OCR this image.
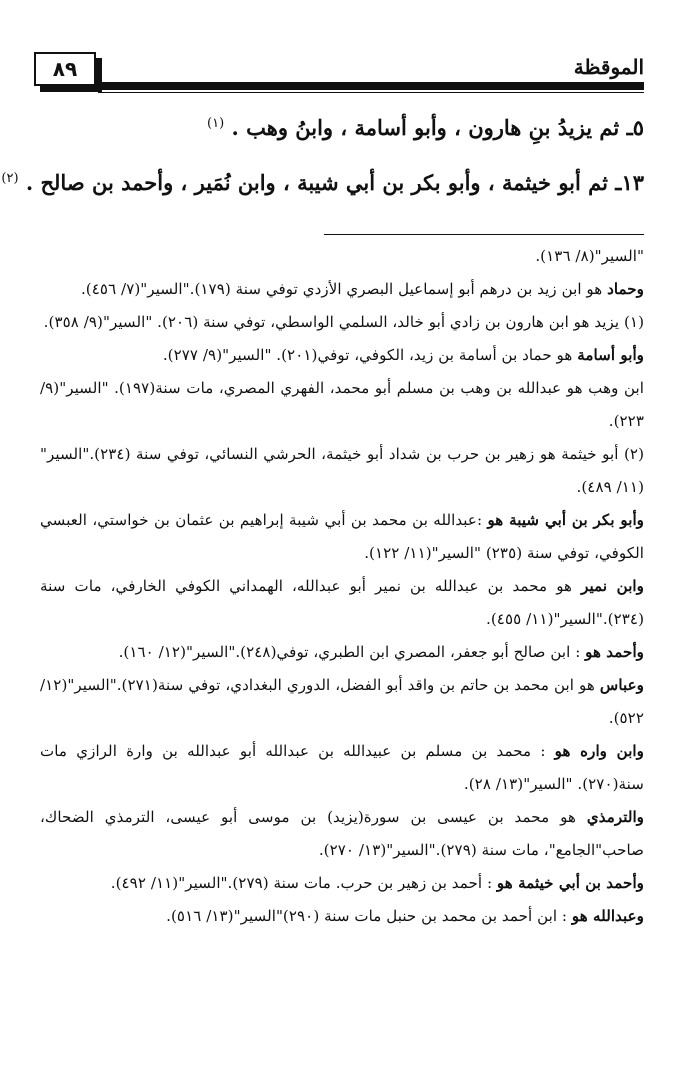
٨٩	الموقظة
٥ـ ثم يزيدُ بنِ هارون ، وأبو أسامة ، وابنُ وهب . $^{(١)}$
١٣ـ ثم أبو خيثمة ، وأبو بكر بن أبي شيبة ، وابن نُمَير ، وأحمد بن صالح . $^{(٢)}$

"السير"(٨/ ١٣٦).

وحماد هو ابن زيد بن درهم أبو إسماعيل البصري الأزدي توفي سنة (١٧٩)."السير"(٧/ ٤٥٦).

(١) يزيد هو ابن هارون بن زادي أبو خالد، السلمي الواسطي، توفي سنة (٢٠٦). "السير"(٩/ ٣٥٨).

وأبو أسامة هو حماد بن أسامة بن زيد، الكوفي، توفي(٢٠١). "السير"(٩/ ٢٧٧).

ابن وهب هو عبدالله بن وهب بن مسلم أبو محمد، الفهري المصري، مات سنة(١٩٧). "السير"(٩/ ٢٢٣).

(٢) أبو خيثمة هو زهير بن حرب بن شداد أبو خيثمة، الحرشي النسائي، توفي سنة (٢٣٤)."السير"(١١/ ٤٨٩).

وأبو بكر بن أبي شيبة هو :عبدالله بن محمد بن أبي شيبة إبراهيم بن عثمان بن خواستي، العبسي الكوفي، توفي سنة (٢٣٥) "السير"(١١/ ١٢٢).

وابن نمير هو محمد بن عبدالله بن نمير أبو عبدالله، الهمداني الكوفي الخارفي، مات سنة (٢٣٤)."السير"(١١/ ٤٥٥).

وأحمد هو : ابن صالح أبو جعفر، المصري ابن الطبري، توفي(٢٤٨)."السير"(١٢/ ١٦٠).

وعباس هو ابن محمد بن حاتم بن واقد أبو الفضل، الدوري البغدادي، توفي سنة(٢٧١)."السير"(١٢/ ٥٢٢).

وابن واره هو : محمد بن مسلم بن عبيدالله بن عبدالله أبو عبدالله بن وارة الرازي مات سنة(٢٧٠). "السير"(١٣/ ٢٨).

والترمذي هو محمد بن عيسى بن سورة(يزيد) بن موسى أبو عيسى، الترمذي الضحاك، صاحب"الجامع"، مات سنة (٢٧٩)."السير"(١٣/ ٢٧٠).

وأحمد بن أبي خيثمة هو : أحمد بن زهير بن حرب. مات سنة (٢٧٩)."السير"(١١/ ٤٩٢).

وعبدالله هو : ابن أحمد بن محمد بن حنبل مات سنة (٢٩٠)"السير"(١٣/ ٥١٦).
